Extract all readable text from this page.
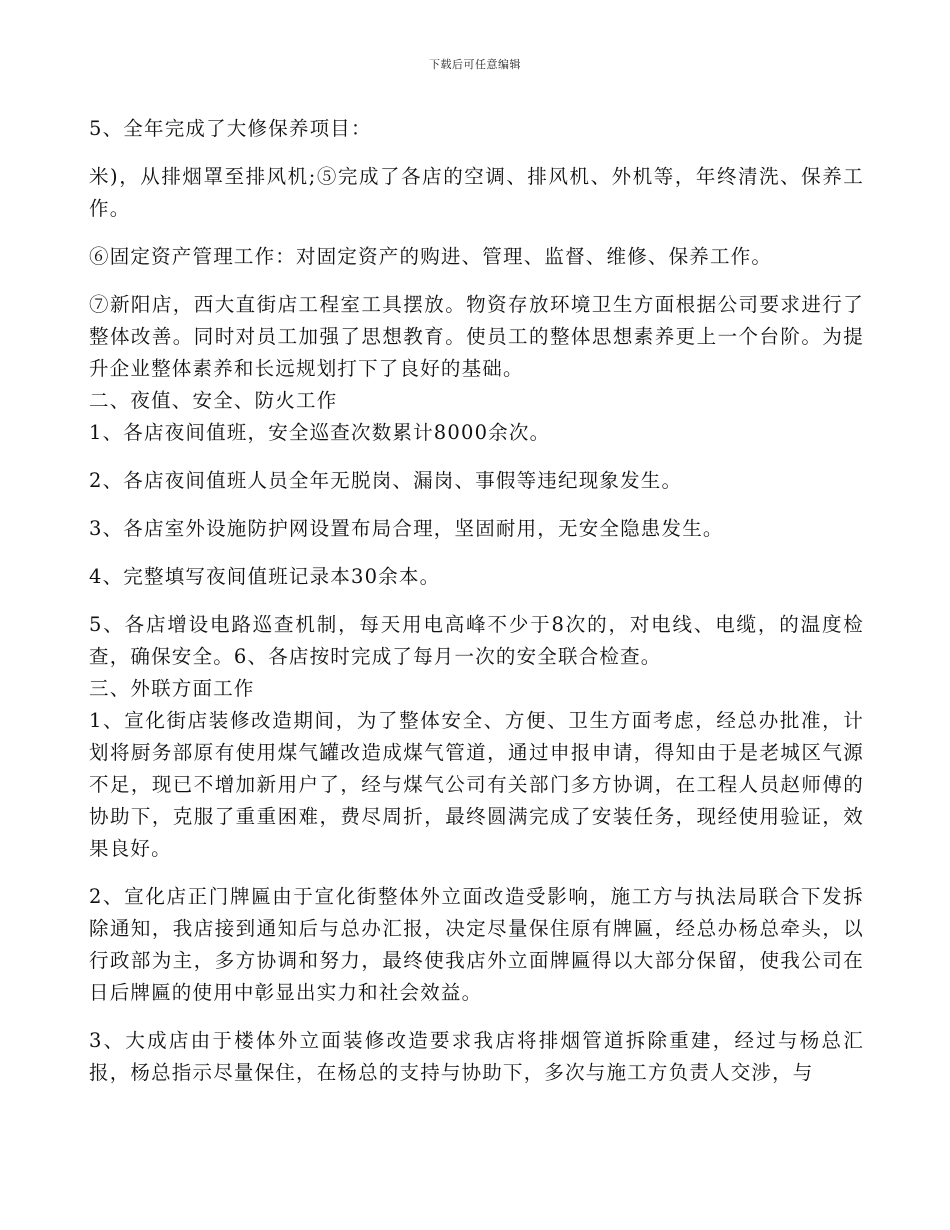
下载后可任意编辑

5、全年完成了大修保养项目：

米)，从排烟罩至排风机;⑤完成了各店的空调、排风机、外机等，年终清洗、保养工作。

⑥固定资产管理工作：对固定资产的购进、管理、监督、维修、保养工作。

⑦新阳店，西大直街店工程室工具摆放。物资存放环境卫生方面根据公司要求进行了整体改善。同时对员工加强了思想教育。使员工的整体思想素养更上一个台阶。为提升企业整体素养和长远规划打下了良好的基础。

二、夜值、安全、防火工作

1、各店夜间值班，安全巡查次数累计8000余次。

2、各店夜间值班人员全年无脱岗、漏岗、事假等违纪现象发生。

3、各店室外设施防护网设置布局合理，坚固耐用，无安全隐患发生。

4、完整填写夜间值班记录本30余本。

5、各店增设电路巡查机制，每天用电高峰不少于8次的，对电线、电缆，的温度检查，确保安全。6、各店按时完成了每月一次的安全联合检查。

三、外联方面工作

1、宣化街店装修改造期间，为了整体安全、方便、卫生方面考虑，经总办批准，计划将厨务部原有使用煤气罐改造成煤气管道，通过申报申请，得知由于是老城区气源不足，现已不增加新用户了，经与煤气公司有关部门多方协调，在工程人员赵师傅的协助下，克服了重重困难，费尽周折，最终圆满完成了安装任务，现经使用验证，效果良好。

2、宣化店正门牌匾由于宣化街整体外立面改造受影响，施工方与执法局联合下发拆除通知，我店接到通知后与总办汇报，决定尽量保住原有牌匾，经总办杨总牵头，以行政部为主，多方协调和努力，最终使我店外立面牌匾得以大部分保留，使我公司在日后牌匾的使用中彰显出实力和社会效益。

3、大成店由于楼体外立面装修改造要求我店将排烟管道拆除重建，经过与杨总汇报，杨总指示尽量保住，在杨总的支持与协助下，多次与施工方负责人交涉，与
